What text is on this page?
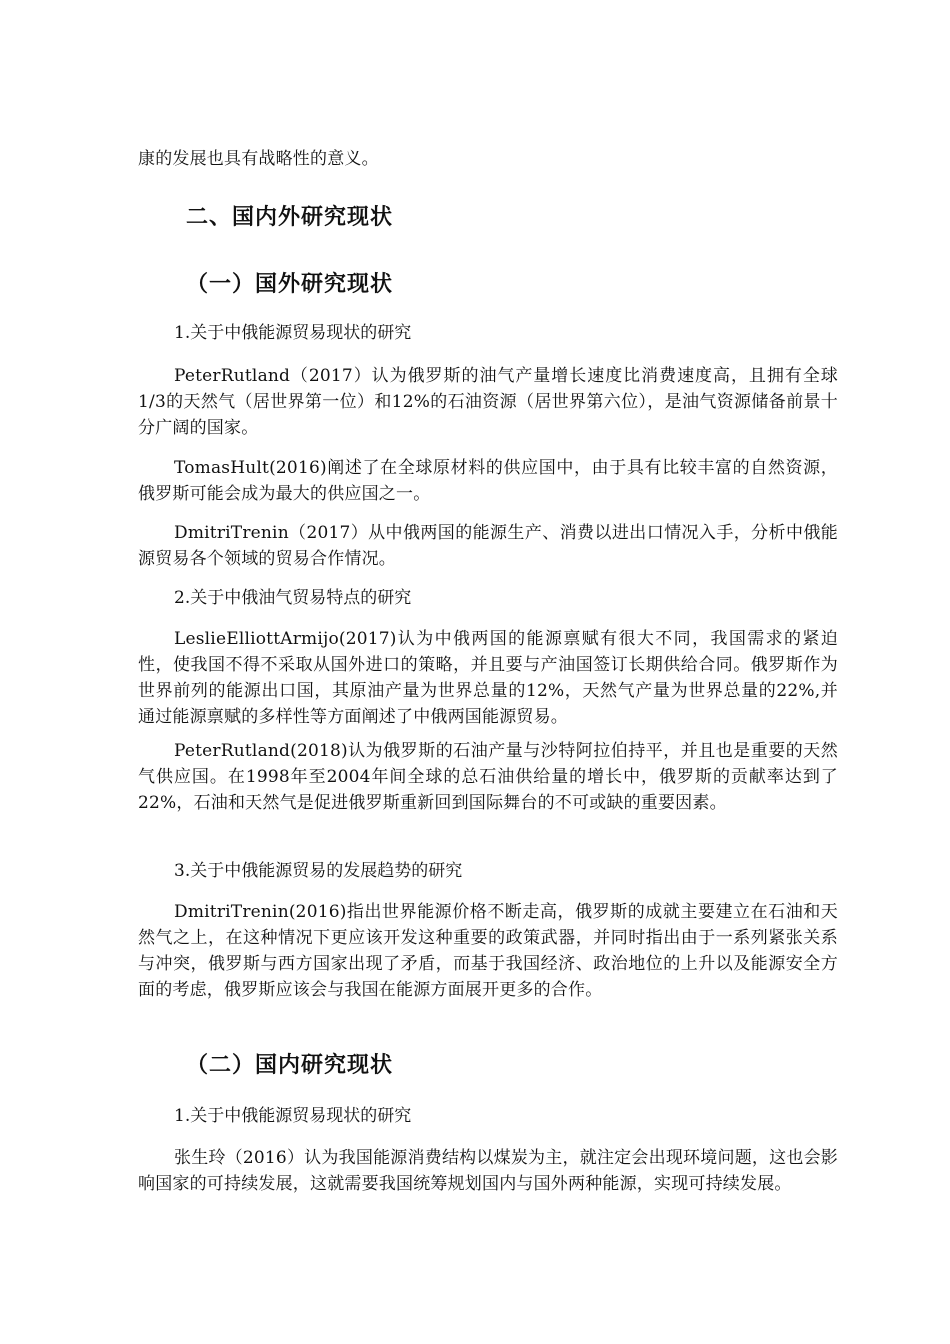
康的发展也具有战略性的意义。
二、国内外研究现状
（一）国外研究现状
1.关于中俄能源贸易现状的研究
PeterRutland（2017）认为俄罗斯的油气产量增长速度比消费速度高，且拥有全球1/3的天然气（居世界第一位）和12%的石油资源（居世界第六位），是油气资源储备前景十分广阔的国家。
TomasHult(2016)阐述了在全球原材料的供应国中，由于具有比较丰富的自然资源，俄罗斯可能会成为最大的供应国之一。
DmitriTrenin（2017）从中俄两国的能源生产、消费以进出口情况入手，分析中俄能源贸易各个领域的贸易合作情况。
2.关于中俄油气贸易特点的研究
LeslieElliottArmijo(2017)认为中俄两国的能源禀赋有很大不同，我国需求的紧迫性，使我国不得不采取从国外进口的策略，并且要与产油国签订长期供给合同。俄罗斯作为世界前列的能源出口国，其原油产量为世界总量的12%，天然气产量为世界总量的22%,并通过能源禀赋的多样性等方面阐述了中俄两国能源贸易。
PeterRutland(2018)认为俄罗斯的石油产量与沙特阿拉伯持平，并且也是重要的天然气供应国。在1998年至2004年间全球的总石油供给量的增长中，俄罗斯的贡献率达到了22%，石油和天然气是促进俄罗斯重新回到国际舞台的不可或缺的重要因素。
3.关于中俄能源贸易的发展趋势的研究
DmitriTrenin(2016)指出世界能源价格不断走高，俄罗斯的成就主要建立在石油和天然气之上，在这种情况下更应该开发这种重要的政策武器，并同时指出由于一系列紧张关系与冲突，俄罗斯与西方国家出现了矛盾，而基于我国经济、政治地位的上升以及能源安全方面的考虑，俄罗斯应该会与我国在能源方面展开更多的合作。
（二）国内研究现状
1.关于中俄能源贸易现状的研究
张生玲（2016）认为我国能源消费结构以煤炭为主，就注定会出现环境问题，这也会影响国家的可持续发展，这就需要我国统筹规划国内与国外两种能源，实现可持续发展。
